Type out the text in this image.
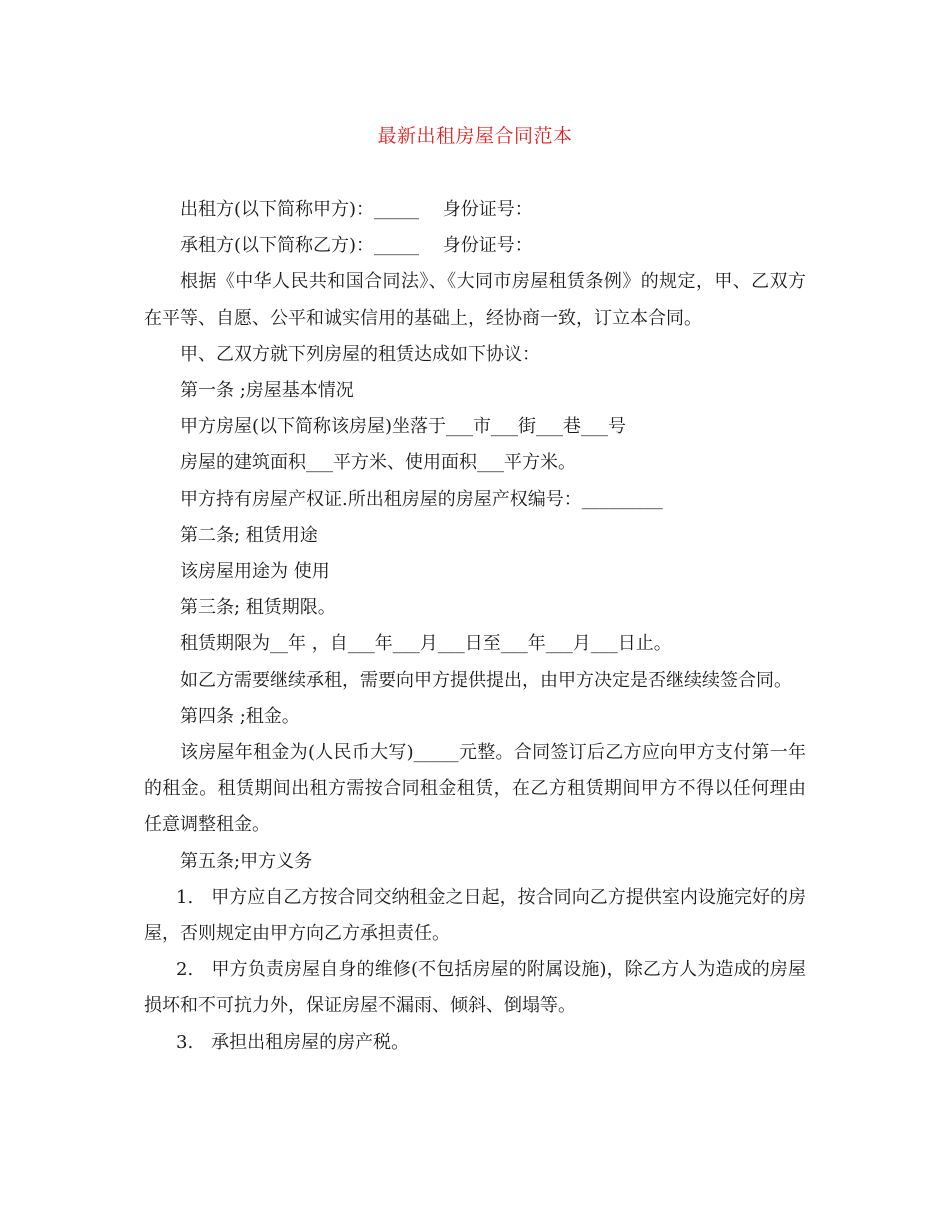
最新出租房屋合同范本

出租方(以下简称甲方)：_____　 身份证号：

承租方(以下简称乙方)：_____　 身份证号：

根据《中华人民共和国合同法》、《大同市房屋租赁条例》的规定，甲、乙双方在平等、自愿、公平和诚实信用的基础上，经协商一致，订立本合同。

甲、乙双方就下列房屋的租赁达成如下协议：

第一条 ;房屋基本情况

甲方房屋(以下简称该房屋)坐落于___市___街___巷___号

房屋的建筑面积___平方米、使用面积___平方米。

甲方持有房屋产权证.所出租房屋的房屋产权编号：_________

第二条; 租赁用途

该房屋用途为 使用

第三条; 租赁期限。

租赁期限为__年 ，自___年___月___日至___年___月___日止。

如乙方需要继续承租，需要向甲方提供提出，由甲方决定是否继续续签合同。

第四条 ;租金。

该房屋年租金为(人民币大写)_____元整。合同签订后乙方应向甲方支付第一年的租金。租赁期间出租方需按合同租金租赁，在乙方租赁期间甲方不得以任何理由任意调整租金。

第五条;甲方义务

1.　甲方应自乙方按合同交纳租金之日起，按合同向乙方提供室内设施完好的房屋，否则规定由甲方向乙方承担责任。

2.　甲方负责房屋自身的维修(不包括房屋的附属设施)，除乙方人为造成的房屋损坏和不可抗力外，保证房屋不漏雨、倾斜、倒塌等。

3.　承担出租房屋的房产税。
